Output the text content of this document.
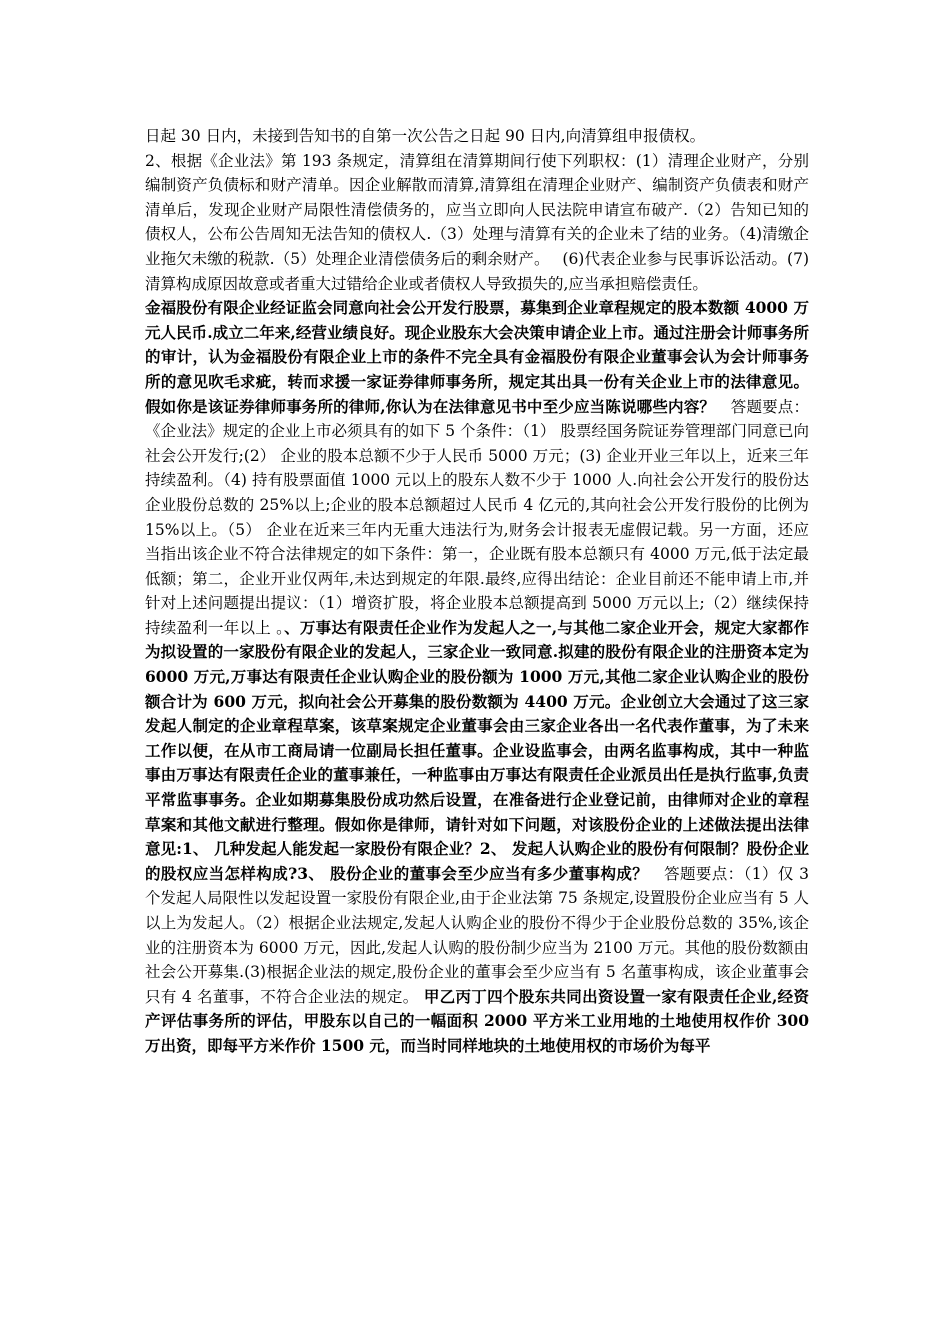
日起 30 日内，未接到告知书的自第一次公告之日起 90 日内,向清算组申报债权。

2、根据《企业法》第 193 条规定，清算组在清算期间行使下列职权：(1）清理企业财产，分别编制资产负债标和财产清单。因企业解散而清算,清算组在清理企业财产、编制资产负债表和财产清单后，发现企业财产局限性清偿债务的，应当立即向人民法院申请宣布破产.（2）告知已知的债权人，公布公告周知无法告知的债权人.（3）处理与清算有关的企业未了结的业务。（4)清缴企业拖欠未缴的税款.（5）处理企业清偿债务后的剩余财产。　 (6)代表企业参与民事诉讼活动。(7)清算构成原因故意或者重大过错给企业或者债权人导致损失的,应当承担赔偿责任。

金福股份有限企业经证监会同意向社会公开发行股票，募集到企业章程规定的股本数额 4000 万元人民币.成立二年来,经营业绩良好。现企业股东大会决策申请企业上市。通过注册会计师事务所的审计，认为金福股份有限企业上市的条件不完全具有金福股份有限企业董事会认为会计师事务所的意见吹毛求疵，转而求援一家证券律师事务所，规定其出具一份有关企业上市的法律意见。假如你是该证券律师事务所的律师,你认为在法律意见书中至少应当陈说哪些内容？　答题要点：《企业法》规定的企业上市必须具有的如下 5 个条件：（1） 股票经国务院证券管理部门同意已向社会公开发行;(2） 企业的股本总额不少于人民币 5000 万元；(3) 企业开业三年以上，近来三年持续盈利。（4) 持有股票面值 1000 元以上的股东人数不少于 1000 人.向社会公开发行的股份达企业股份总数的 25%以上;企业的股本总额超过人民币 4 亿元的,其向社会公开发行股份的比例为 15%以上。（5） 企业在近来三年内无重大违法行为,财务会计报表无虚假记载。另一方面，还应当指出该企业不符合法律规定的如下条件：第一，企业既有股本总额只有 4000 万元,低于法定最低额；第二，企业开业仅两年,未达到规定的年限.最终,应得出结论：企业目前还不能申请上市,并针对上述问题提出提议：（1）增资扩股，将企业股本总额提高到 5000 万元以上;（2）继续保持持续盈利一年以上 。、万事达有限责任企业作为发起人之一,与其他二家企业开会，规定大家都作为拟设置的一家股份有限企业的发起人，三家企业一致同意.拟建的股份有限企业的注册资本定为 6000 万元,万事达有限责任企业认购企业的股份额为 1000 万元,其他二家企业认购企业的股份额合计为 600 万元，拟向社会公开募集的股份数额为 4400 万元。企业创立大会通过了这三家发起人制定的企业章程草案，该草案规定企业董事会由三家企业各出一名代表作董事，为了未来工作以便，在从市工商局请一位副局长担任董事。企业设监事会，由两名监事构成，其中一种监事由万事达有限责任企业的董事兼任，一种监事由万事达有限责任企业派员出任是执行监事,负责平常监事事务。企业如期募集股份成功然后设置，在准备进行企业登记前，由律师对企业的章程草案和其他文献进行整理。假如你是律师，请针对如下问题，对该股份企业的上述做法提出法律意见:1、 几种发起人能发起一家股份有限企业？2、 发起人认购企业的股份有何限制？股份企业的股权应当怎样构成?3、 股份企业的董事会至少应当有多少董事构成？　答题要点：（1）仅 3 个发起人局限性以发起设置一家股份有限企业,由于企业法第 75 条规定,设置股份企业应当有 5 人以上为发起人。（2）根据企业法规定,发起人认购企业的股份不得少于企业股份总数的 35%,该企业的注册资本为 6000 万元，因此,发起人认购的股份制少应当为 2100 万元。其他的股份数额由社会公开募集.(3)根据企业法的规定,股份企业的董事会至少应当有 5 名董事构成，该企业董事会只有 4 名董事，不符合企业法的规定。 甲乙丙丁四个股东共同出资设置一家有限责任企业,经资产评估事务所的评估，甲股东以自己的一幅面积 2000 平方米工业用地的土地使用权作价 300 万出资，即每平方米作价 1500 元，而当时同样地块的土地使用权的市场价为每平
